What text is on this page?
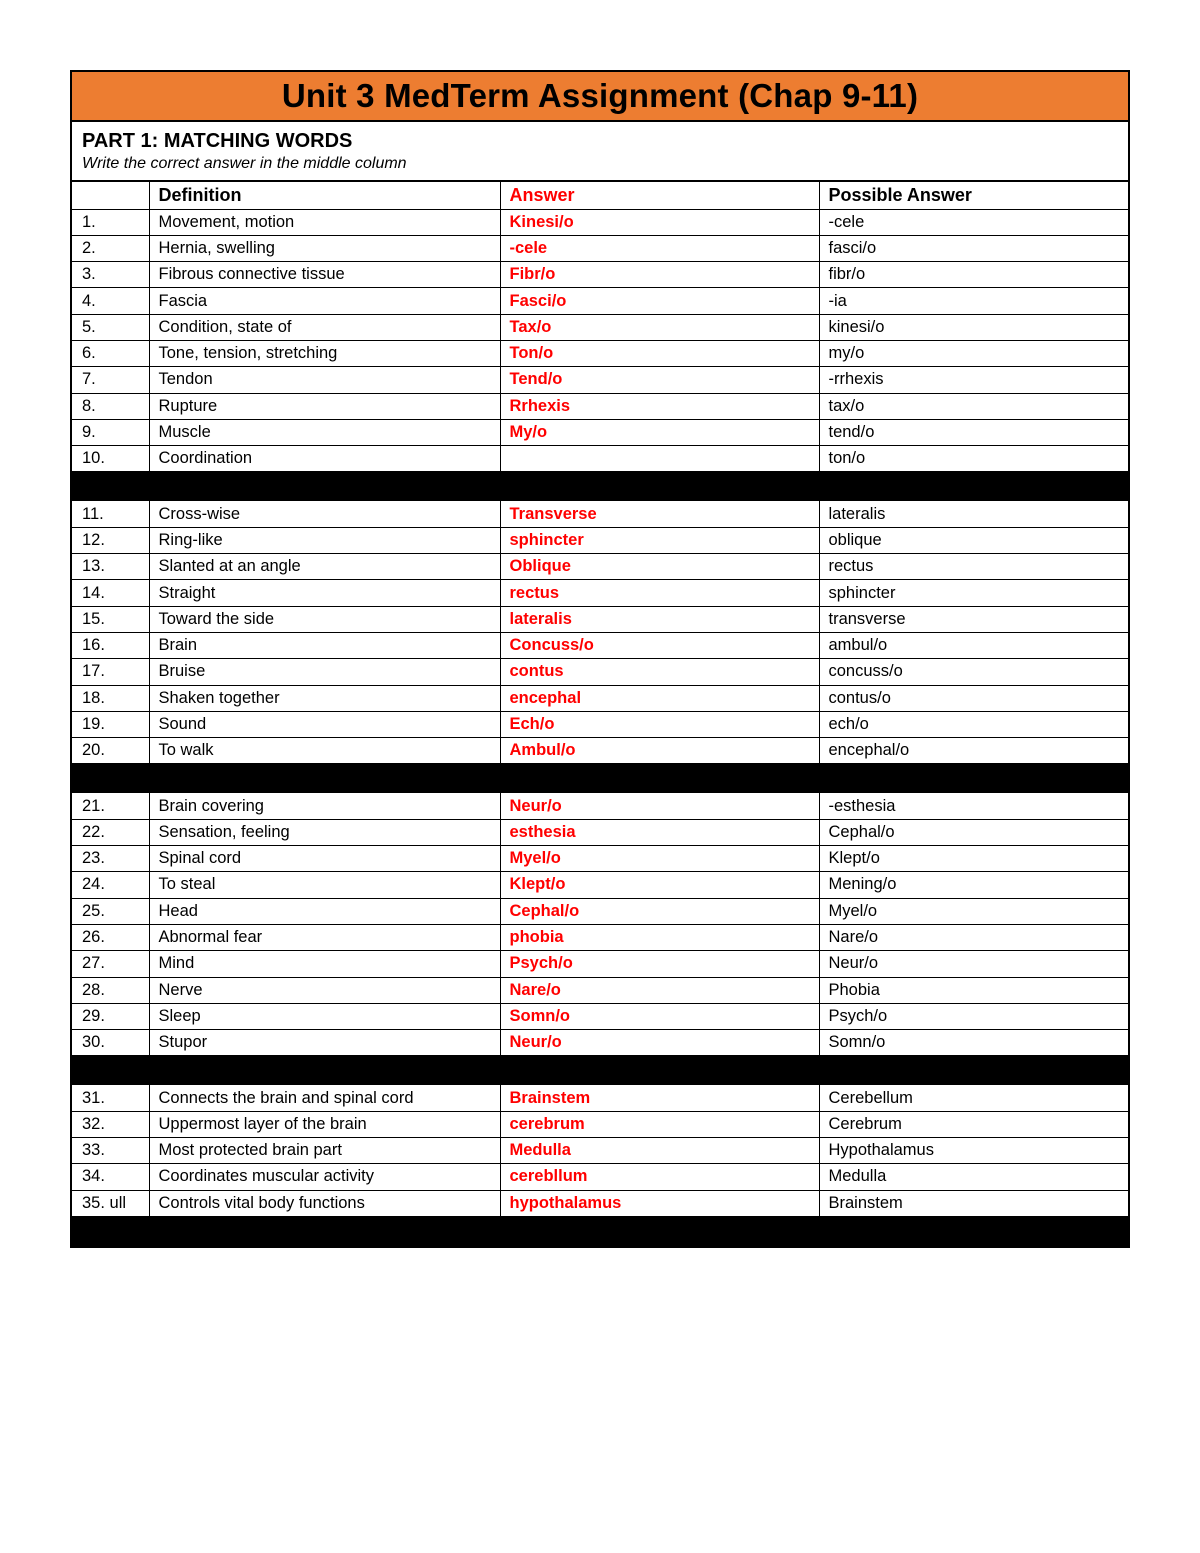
Unit 3 MedTerm Assignment (Chap 9-11)
PART 1: MATCHING WORDS
Write the correct answer in the middle column
	Definition	Answer	Possible Answer
1.	Movement, motion	Kinesi/o	-cele
2.	Hernia, swelling	-cele	fasci/o
3.	Fibrous connective tissue	Fibr/o	fibr/o
4.	Fascia	Fasci/o	-ia
5.	Condition, state of	Tax/o	kinesi/o
6.	Tone, tension, stretching	Ton/o	my/o
7.	Tendon	Tend/o	-rrhexis
8.	Rupture	Rrhexis	tax/o
9.	Muscle	My/o	tend/o
10.	Coordination		ton/o

11.	Cross-wise	Transverse	lateralis
12.	Ring-like	sphincter	oblique
13.	Slanted at an angle	Oblique	rectus
14.	Straight	rectus	sphincter
15.	Toward the side	lateralis	transverse
16.	Brain	Concuss/o	ambul/o
17.	Bruise	contus	concuss/o
18.	Shaken together	encephal	contus/o
19.	Sound	Ech/o	ech/o
20.	To walk	Ambul/o	encephal/o

21.	Brain covering	Neur/o	-esthesia
22.	Sensation, feeling	esthesia	Cephal/o
23.	Spinal cord	Myel/o	Klept/o
24.	To steal	Klept/o	Mening/o
25.	Head	Cephal/o	Myel/o
26.	Abnormal fear	phobia	Nare/o
27.	Mind	Psych/o	Neur/o
28.	Nerve	Nare/o	Phobia
29.	Sleep	Somn/o	Psych/o
30.	Stupor	Neur/o	Somn/o

31.	Connects the brain and spinal cord	Brainstem	Cerebellum
32.	Uppermost layer of the brain	cerebrum	Cerebrum
33.	Most protected brain part	Medulla	Hypothalamus
34.	Coordinates muscular activity	cerebllum	Medulla
35. ull	Controls vital body functions	hypothalamus	Brainstem
